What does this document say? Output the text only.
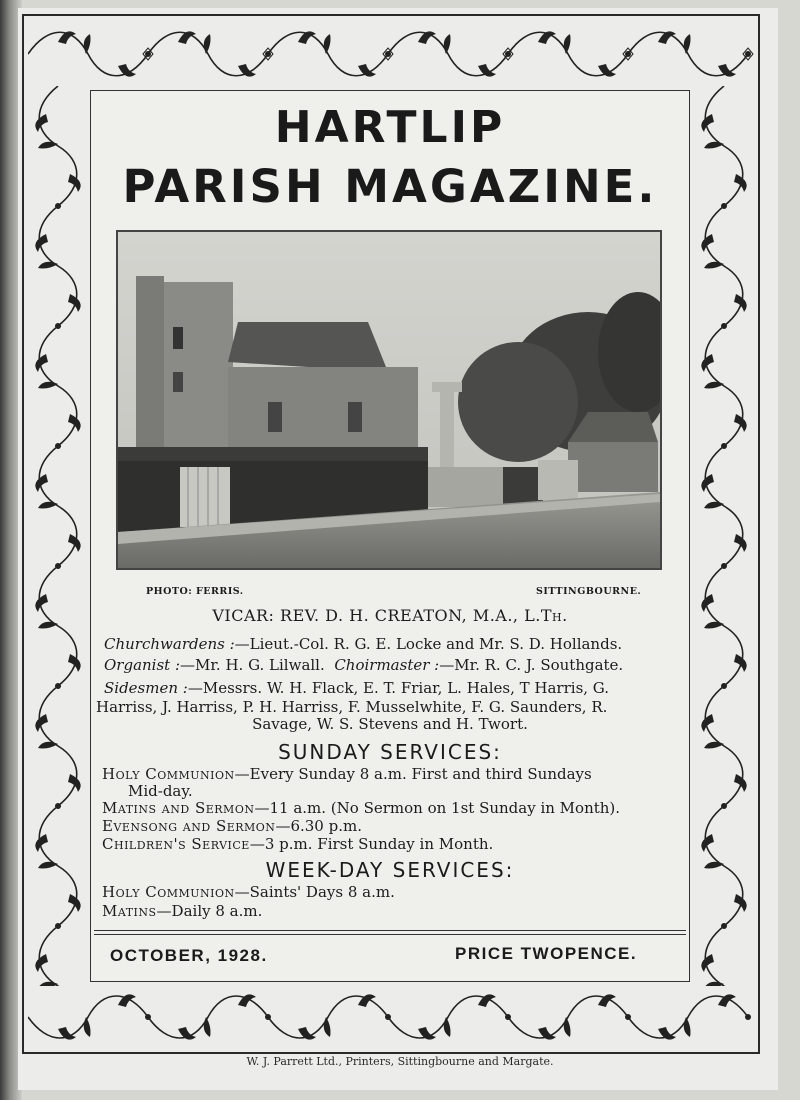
HARTLIP
PARISH MAGAZINE.
PHOTO: FERRIS.	SITTINGBOURNE.
VICAR: REV. D. H. CREATON, M.A., L.Th.
Churchwardens :—Lieut.-Col. R. G. E. Locke and Mr. S. D. Hollands.
Organist :—Mr. H. G. Lilwall. Choirmaster :—Mr. R. C. J. Southgate.
Sidesmen :—Messrs. W. H. Flack, E. T. Friar, L. Hales, T Harris, G.
Harriss, J. Harriss, P. H. Harriss, F. Musselwhite, F. G. Saunders, R.
Savage, W. S. Stevens and H. Twort.
SUNDAY SERVICES:
Holy Communion—Every Sunday 8 a.m. First and third Sundays
Mid-day.
Matins and Sermon—11 a.m. (No Sermon on 1st Sunday in Month).
Evensong and Sermon—6.30 p.m.
Children's Service—3 p.m. First Sunday in Month.
WEEK-DAY SERVICES:
Holy Communion—Saints' Days 8 a.m.
Matins—Daily 8 a.m.
OCTOBER, 1928.	PRICE TWOPENCE.
W. J. Parrett Ltd., Printers, Sittingbourne and Margate.
